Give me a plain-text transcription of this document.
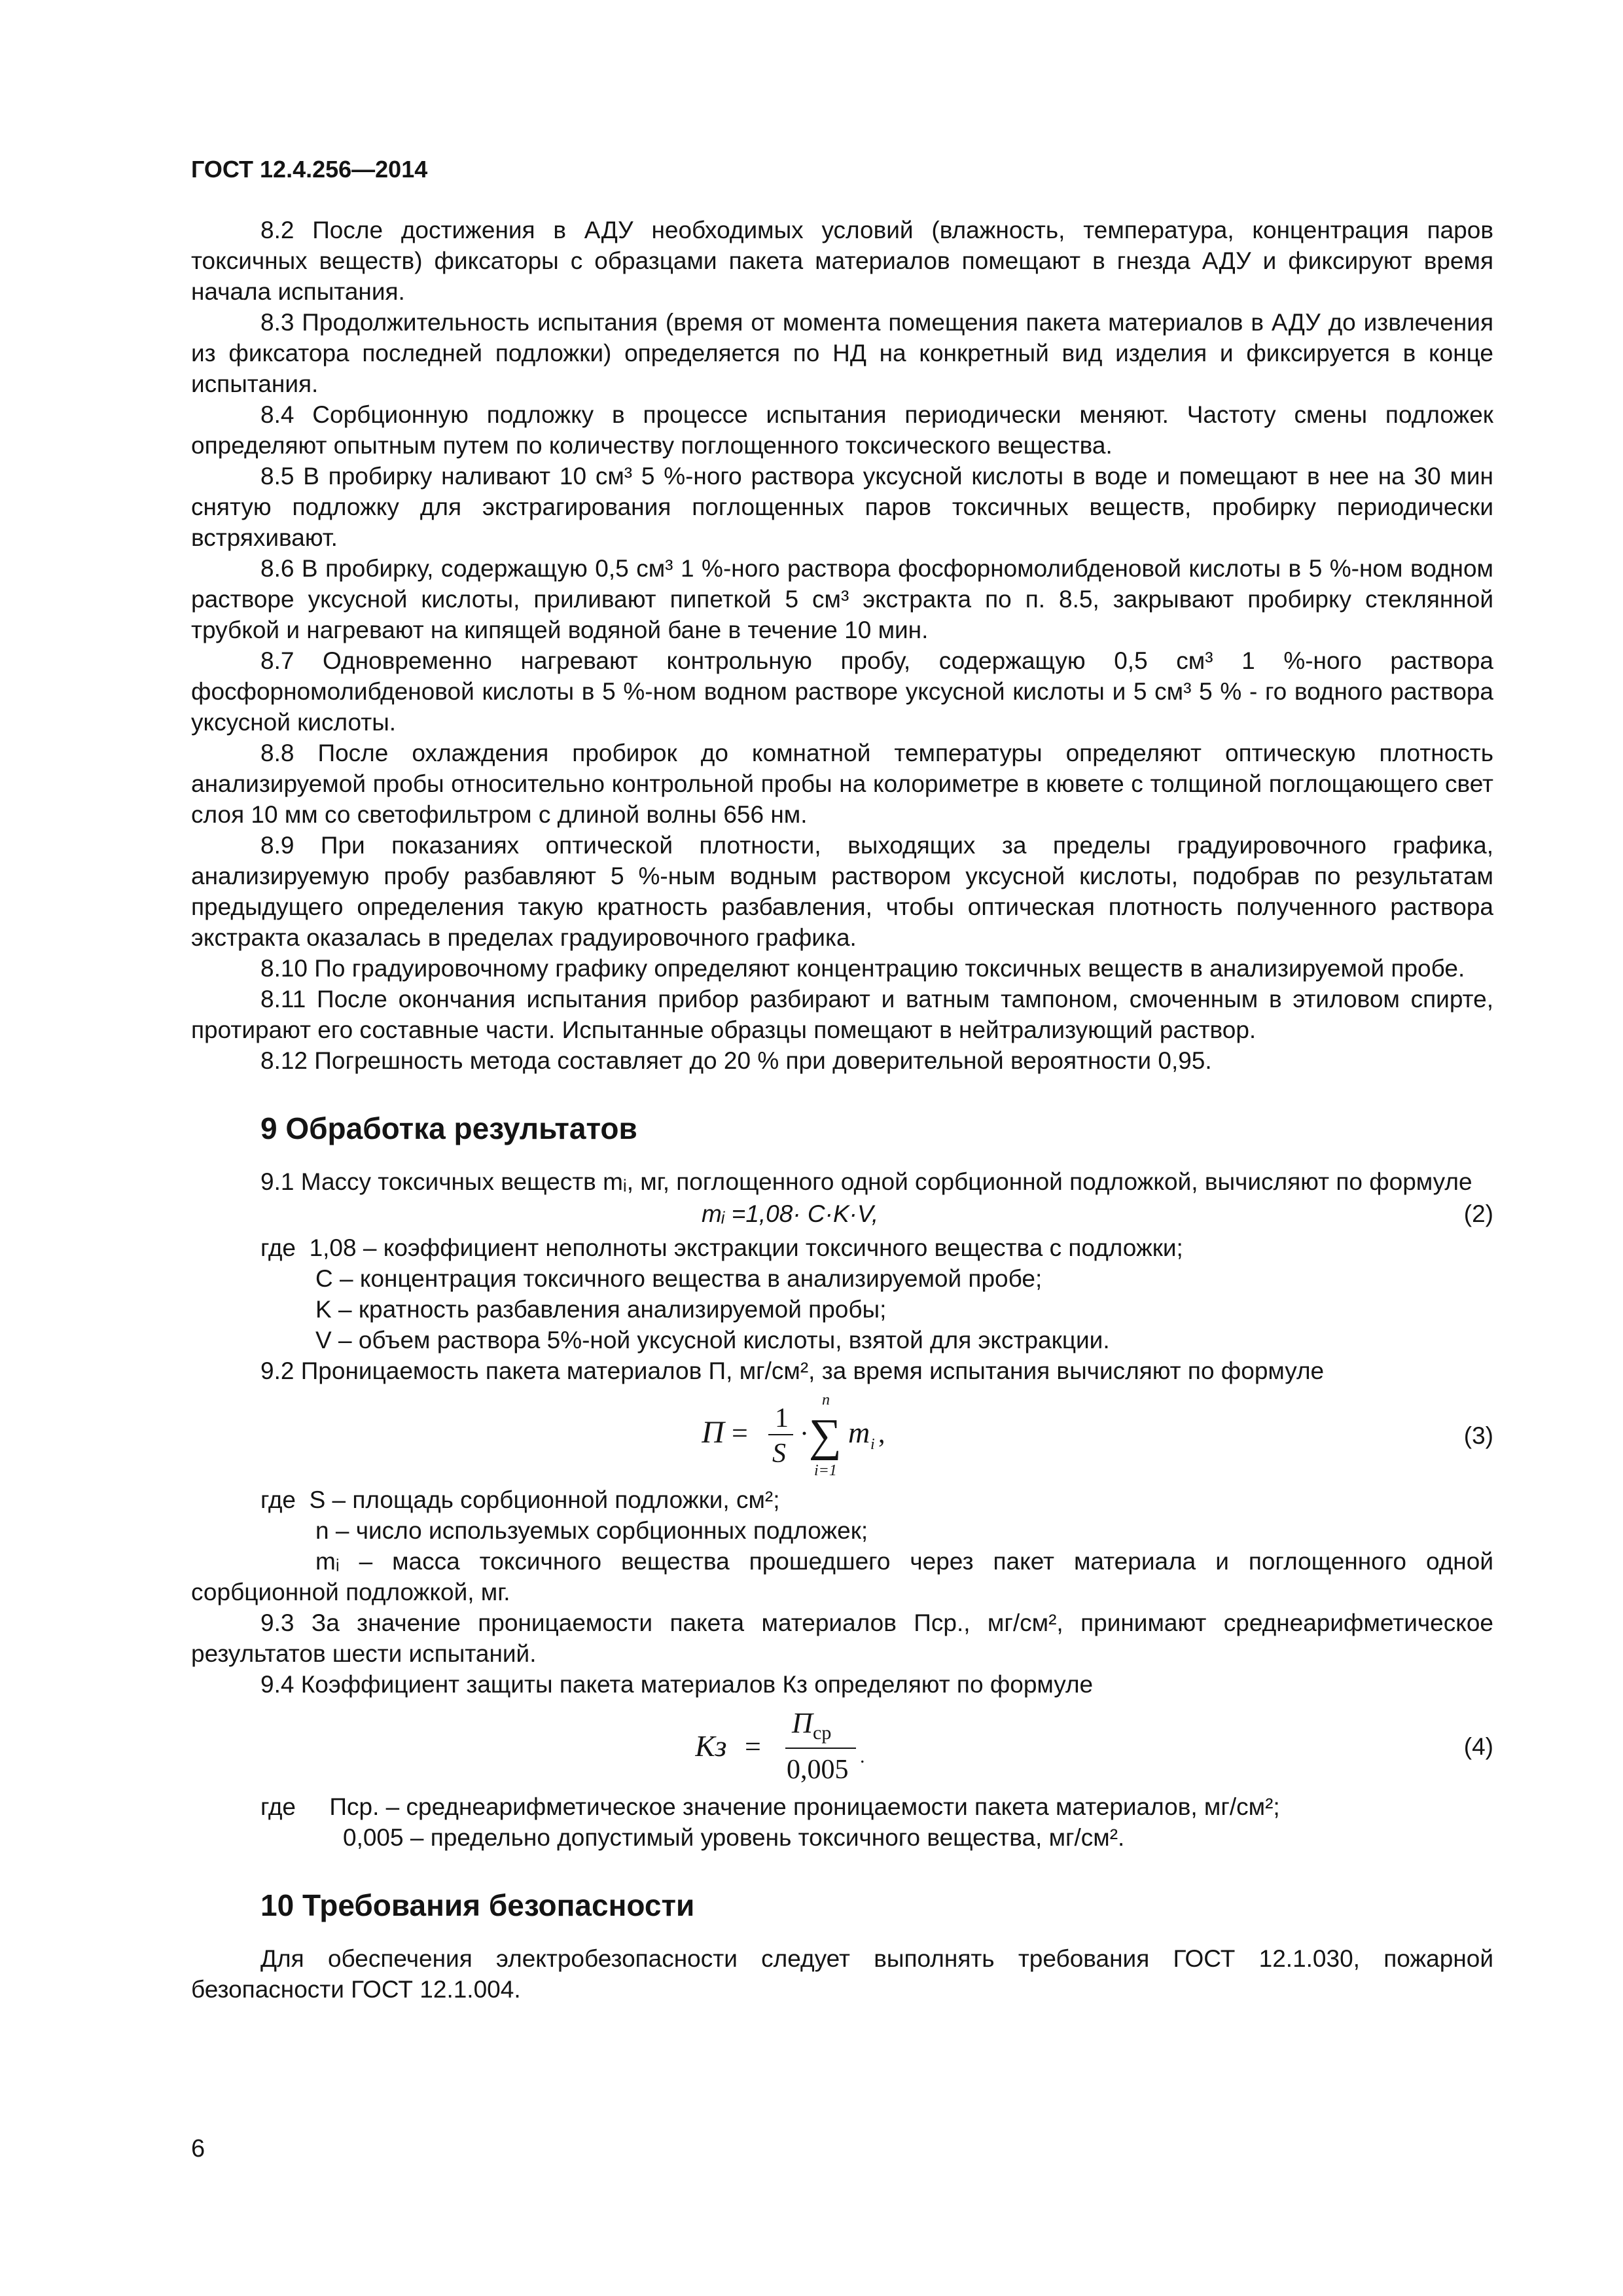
ГОСТ 12.4.256—2014

8.2 После достижения в АДУ необходимых условий (влажность, температура, концентрация паров токсичных веществ) фиксаторы с образцами пакета материалов помещают в гнезда АДУ и фиксируют время начала испытания.

8.3 Продолжительность испытания (время от момента помещения пакета материалов в АДУ до извлечения из фиксатора последней подложки) определяется по НД на конкретный вид изделия и фиксируется в конце испытания.

8.4 Сорбционную подложку в процессе испытания периодически меняют. Частоту смены подложек определяют опытным путем по количеству поглощенного токсического вещества.

8.5 В пробирку наливают 10 см³ 5 %-ного раствора уксусной кислоты в воде и помещают в нее на 30 мин снятую подложку для экстрагирования поглощенных паров токсичных веществ, пробирку периодически встряхивают.

8.6 В пробирку, содержащую 0,5 см³ 1 %-ного раствора фосфорномолибденовой кислоты в 5 %-ном водном растворе уксусной кислоты, приливают пипеткой 5 см³ экстракта по п. 8.5, закрывают пробирку стеклянной трубкой и нагревают на кипящей водяной бане в течение 10 мин.

8.7 Одновременно нагревают контрольную пробу, содержащую 0,5 см³ 1 %-ного раствора фосфорномолибденовой кислоты в 5 %-ном водном растворе уксусной кислоты и 5 см³ 5 % - го водного раствора уксусной кислоты.

8.8 После охлаждения пробирок до комнатной температуры определяют оптическую плотность анализируемой пробы относительно контрольной пробы на колориметре в кювете с толщиной поглощающего свет слоя 10 мм со светофильтром с длиной волны 656 нм.

8.9 При показаниях оптической плотности, выходящих за пределы градуировочного графика, анализируемую пробу разбавляют 5 %-ным водным раствором уксусной кислоты, подобрав по результатам предыдущего определения такую кратность разбавления, чтобы оптическая плотность полученного раствора экстракта оказалась в пределах градуировочного графика.

8.10 По градуировочному графику определяют концентрацию токсичных веществ в анализируемой пробе.

8.11 После окончания испытания прибор разбирают и ватным тампоном, смоченным в этиловом спирте, протирают его составные части. Испытанные образцы помещают в нейтрализующий раствор.

8.12 Погрешность метода составляет до 20 % при доверительной вероятности 0,95.

9 Обработка результатов

9.1 Массу токсичных веществ mᵢ, мг, поглощенного одной сорбционной подложкой, вычисляют по формуле

mᵢ =1,08· C·K·V,	(2)

где 1,08 – коэффициент неполноты экстракции токсичного вещества с подложки;

C – концентрация токсичного вещества в анализируемой пробе;

K – кратность разбавления анализируемой пробы;

V – объем раствора 5%-ной уксусной кислоты, взятой для экстракции.

9.2 Проницаемость пакета материалов П, мг/см², за время испытания вычисляют по формуле

П = 1
S
·
n
∑
i=1
m i ,	(3)

где S – площадь сорбционной подложки, см²;

n – число используемых сорбционных подложек;

mᵢ – масса токсичного вещества прошедшего через пакет материала и поглощенного одной сорбционной подложкой, мг.

9.3 За значение проницаемости пакета материалов Пср., мг/см², принимают среднеарифметическое результатов шести испытаний.

9.4 Коэффициент защиты пакета материалов Кз определяют по формуле

Кз =
П ср
0,005 .	(4)

где Пср. – среднеарифметическое значение проницаемости пакета материалов, мг/см²;

0,005 – предельно допустимый уровень токсичного вещества, мг/см².

10 Требования безопасности

Для обеспечения электробезопасности следует выполнять требования ГОСТ 12.1.030, пожарной безопасности ГОСТ 12.1.004.

6
